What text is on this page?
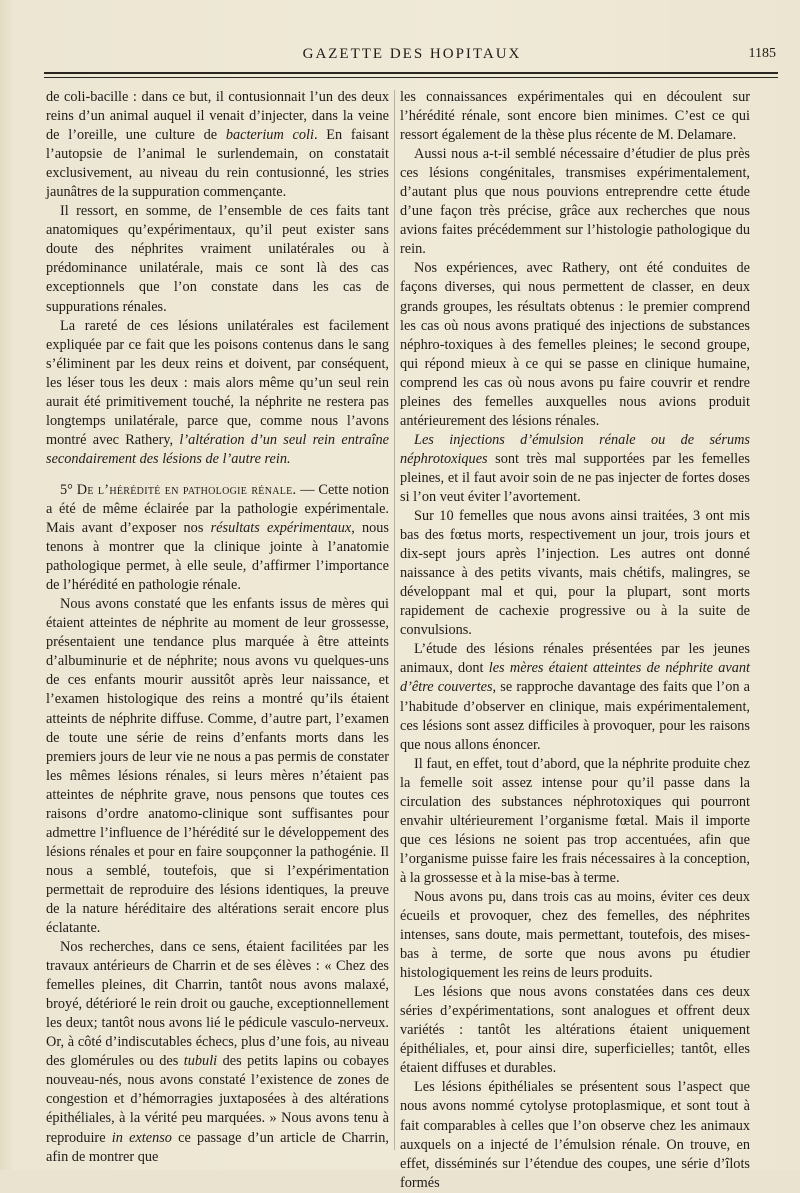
GAZETTE DES HOPITAUX	1185

de coli-bacille : dans ce but, il contusionnait l’un des deux reins d’un animal auquel il venait d’injecter, dans la veine de l’oreille, une culture de bacterium coli. En faisant l’autopsie de l’animal le surlendemain, on constatait exclusivement, au niveau du rein contusionné, les stries jaunâtres de la suppuration commençante.

Il ressort, en somme, de l’ensemble de ces faits tant anatomiques qu’expérimentaux, qu’il peut exister sans doute des néphrites vraiment unilatérales ou à prédominance unilatérale, mais ce sont là des cas exceptionnels que l’on constate dans les cas de suppurations rénales.

La rareté de ces lésions unilatérales est facilement expliquée par ce fait que les poisons contenus dans le sang s’éliminent par les deux reins et doivent, par conséquent, les léser tous les deux : mais alors même qu’un seul rein aurait été primitivement touché, la néphrite ne restera pas longtemps unilatérale, parce que, comme nous l’avons montré avec Rathery, l’altération d’un seul rein entraîne secondairement des lésions de l’autre rein.

5° De l’hérédité en pathologie rénale. — Cette notion a été de même éclairée par la pathologie expérimentale. Mais avant d’exposer nos résultats expérimentaux, nous tenons à montrer que la clinique jointe à l’anatomie pathologique permet, à elle seule, d’affirmer l’importance de l’hérédité en pathologie rénale.

Nous avons constaté que les enfants issus de mères qui étaient atteintes de néphrite au moment de leur grossesse, présentaient une tendance plus marquée à être atteints d’albuminurie et de néphrite; nous avons vu quelques-uns de ces enfants mourir aussitôt après leur naissance, et l’examen histologique des reins a montré qu’ils étaient atteints de néphrite diffuse. Comme, d’autre part, l’examen de toute une série de reins d’enfants morts dans les premiers jours de leur vie ne nous a pas permis de constater les mêmes lésions rénales, si leurs mères n’étaient pas atteintes de néphrite grave, nous pensons que toutes ces raisons d’ordre anatomo-clinique sont suffisantes pour admettre l’influence de l’hérédité sur le développement des lésions rénales et pour en faire soupçonner la pathogénie. Il nous a semblé, toutefois, que si l’expérimentation permettait de reproduire des lésions identiques, la preuve de la nature héréditaire des altérations serait encore plus éclatante.

Nos recherches, dans ce sens, étaient facilitées par les travaux antérieurs de Charrin et de ses élèves : « Chez des femelles pleines, dit Charrin, tantôt nous avons malaxé, broyé, détérioré le rein droit ou gauche, exceptionnellement les deux; tantôt nous avons lié le pédicule vasculo-nerveux. Or, à côté d’indiscutables échecs, plus d’une fois, au niveau des glomérules ou des tubuli des petits lapins ou cobayes nouveau-nés, nous avons constaté l’existence de zones de congestion et d’hémorragies juxtaposées à des altérations épithéliales, à la vérité peu marquées. » Nous avons tenu à reproduire in extenso ce passage d’un article de Charrin, afin de montrer que

les connaissances expérimentales qui en découlent sur l’hérédité rénale, sont encore bien minimes. C’est ce qui ressort également de la thèse plus récente de M. Delamare.

Aussi nous a-t-il semblé nécessaire d’étudier de plus près ces lésions congénitales, transmises expérimentalement, d’autant plus que nous pouvions entreprendre cette étude d’une façon très précise, grâce aux recherches que nous avions faites précédemment sur l’histologie pathologique du rein.

Nos expériences, avec Rathery, ont été conduites de façons diverses, qui nous permettent de classer, en deux grands groupes, les résultats obtenus : le premier comprend les cas où nous avons pratiqué des injections de substances néphro-toxiques à des femelles pleines; le second groupe, qui répond mieux à ce qui se passe en clinique humaine, comprend les cas où nous avons pu faire couvrir et rendre pleines des femelles auxquelles nous avions produit antérieurement des lésions rénales.

Les injections d’émulsion rénale ou de sérums néphrotoxiques sont très mal supportées par les femelles pleines, et il faut avoir soin de ne pas injecter de fortes doses si l’on veut éviter l’avortement.

Sur 10 femelles que nous avons ainsi traitées, 3 ont mis bas des fœtus morts, respectivement un jour, trois jours et dix-sept jours après l’injection. Les autres ont donné naissance à des petits vivants, mais chétifs, malingres, se développant mal et qui, pour la plupart, sont morts rapidement de cachexie progressive ou à la suite de convulsions.

L’étude des lésions rénales présentées par les jeunes animaux, dont les mères étaient atteintes de néphrite avant d’être couvertes, se rapproche davantage des faits que l’on a l’habitude d’observer en clinique, mais expérimentalement, ces lésions sont assez difficiles à provoquer, pour les raisons que nous allons énoncer.

Il faut, en effet, tout d’abord, que la néphrite produite chez la femelle soit assez intense pour qu’il passe dans la circulation des substances néphrotoxiques qui pourront envahir ultérieurement l’organisme fœtal. Mais il importe que ces lésions ne soient pas trop accentuées, afin que l’organisme puisse faire les frais nécessaires à la conception, à la grossesse et à la mise-bas à terme.

Nous avons pu, dans trois cas au moins, éviter ces deux écueils et provoquer, chez des femelles, des néphrites intenses, sans doute, mais permettant, toutefois, des mises-bas à terme, de sorte que nous avons pu étudier histologiquement les reins de leurs produits.

Les lésions que nous avons constatées dans ces deux séries d’expérimentations, sont analogues et offrent deux variétés : tantôt les altérations étaient uniquement épithéliales, et, pour ainsi dire, superficielles; tantôt, elles étaient diffuses et durables.

Les lésions épithéliales se présentent sous l’aspect que nous avons nommé cytolyse protoplasmique, et sont tout à fait comparables à celles que l’on observe chez les animaux auxquels on a injecté de l’émulsion rénale. On trouve, en effet, disséminés sur l’étendue des coupes, une série d’îlots formés
